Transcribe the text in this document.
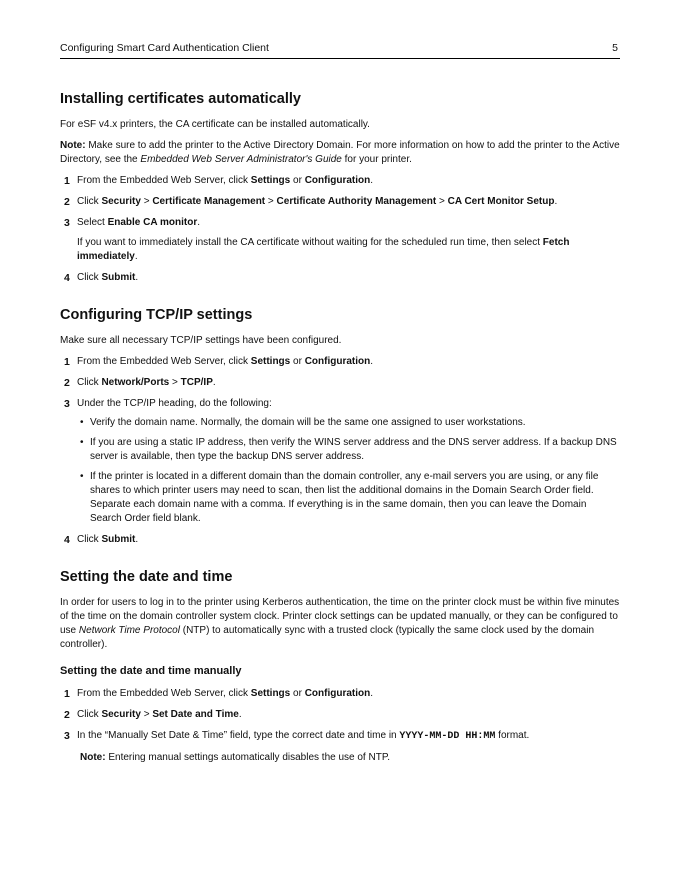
Configuring Smart Card Authentication Client	5
Installing certificates automatically

For eSF v4.x printers, the CA certificate can be installed automatically.

Note: Make sure to add the printer to the Active Directory Domain. For more information on how to add the printer to the Active Directory, see the Embedded Web Server Administrator's Guide for your printer.

1 From the Embedded Web Server, click Settings or Configuration.
2 Click Security > Certificate Management > Certificate Authority Management > CA Cert Monitor Setup.
3 Select Enable CA monitor.
If you want to immediately install the CA certificate without waiting for the scheduled run time, then select Fetch immediately.
4 Click Submit.
Configuring TCP/IP settings

Make sure all necessary TCP/IP settings have been configured.

1 From the Embedded Web Server, click Settings or Configuration.
2 Click Network/Ports > TCP/IP.
3 Under the TCP/IP heading, do the following:
• Verify the domain name. Normally, the domain will be the same one assigned to user workstations.
• If you are using a static IP address, then verify the WINS server address and the DNS server address. If a backup DNS server is available, then type the backup DNS server address.
• If the printer is located in a different domain than the domain controller, any e-mail servers you are using, or any file shares to which printer users may need to scan, then list the additional domains in the Domain Search Order field. Separate each domain name with a comma. If everything is in the same domain, then you can leave the Domain Search Order field blank.
4 Click Submit.
Setting the date and time

In order for users to log in to the printer using Kerberos authentication, the time on the printer clock must be within five minutes of the time on the domain controller system clock. Printer clock settings can be updated manually, or they can be configured to use Network Time Protocol (NTP) to automatically sync with a trusted clock (typically the same clock used by the domain controller).

Setting the date and time manually
1 From the Embedded Web Server, click Settings or Configuration.
2 Click Security > Set Date and Time.
3 In the “Manually Set Date & Time” field, type the correct date and time in YYYY-MM-DD HH:MM format.

Note: Entering manual settings automatically disables the use of NTP.
